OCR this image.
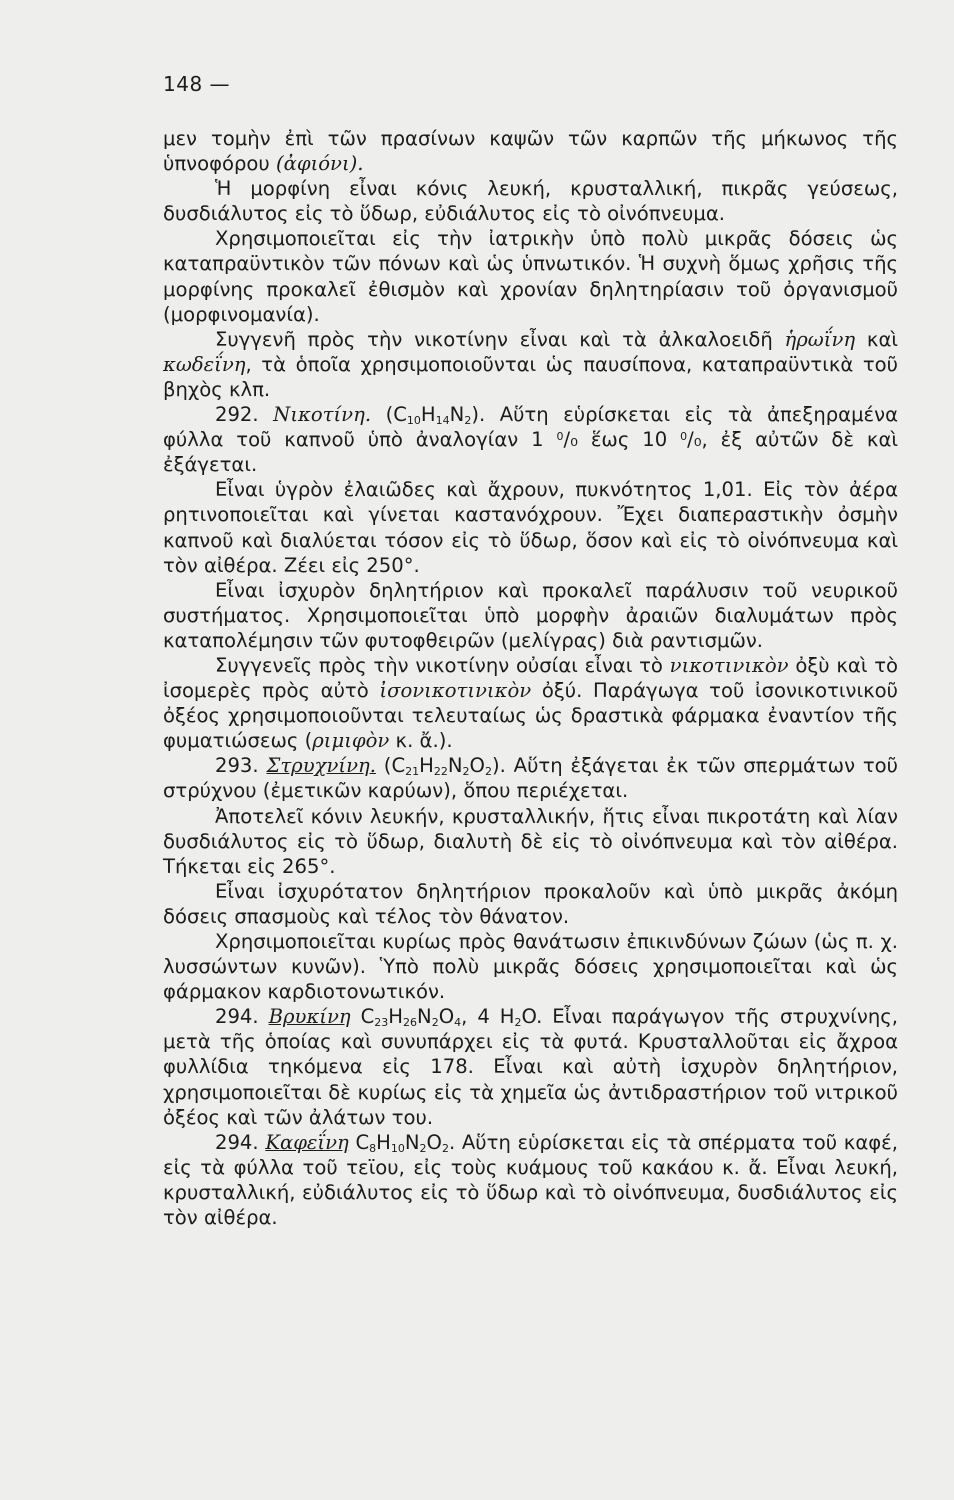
148 —

μεν τομὴν ἐπὶ τῶν πρασίνων καψῶν τῶν καρπῶν τῆς μήκωνος τῆς ὑπνοφόρου (ἀφιόνι).

Ἡ μορφίνη εἶναι κόνις λευκή, κρυσταλλική, πικρᾶς γεύσεως, δυσδιάλυτος εἰς τὸ ὕδωρ, εὐδιάλυτος εἰς τὸ οἰνόπνευμα.

Χρησιμοποιεῖται εἰς τὴν ἰατρικὴν ὑπὸ πολὺ μικρᾶς δόσεις ὡς καταπραϋντικὸν τῶν πόνων καὶ ὡς ὑπνωτικόν. Ἡ συχνὴ ὅμως χρῆσις τῆς μορφίνης προκαλεῖ ἐθισμὸν καὶ χρονίαν δηλητηρίασιν τοῦ ὀργανισμοῦ (μορφινομανία).

Συγγενῆ πρὸς τὴν νικοτίνην εἶναι καὶ τὰ ἀλκαλοειδῆ ἡρωΐνη καὶ κωδεΐνη, τὰ ὁποῖα χρησιμοποιοῦνται ὡς παυσίπονα, καταπραϋντικὰ τοῦ βηχὸς κλπ.

292. Νικοτίνη. $(C_{10}H_{14}N_2)$. Αὕτη εὑρίσκεται εἰς τὰ ἀπεξηραμένα φύλλα τοῦ καπνοῦ ὑπὸ ἀναλογίαν 1 $^0$/₀ ἕως 10 $^0$/₀, ἐξ αὐτῶν δὲ καὶ ἐξάγεται.

Εἶναι ὑγρὸν ἐλαιῶδες καὶ ἄχρουν, πυκνότητος 1,01. Εἰς τὸν ἀέρα ρητινοποιεῖται καὶ γίνεται καστανόχρουν. Ἔχει διαπεραστικὴν ὀσμὴν καπνοῦ καὶ διαλύεται τόσον εἰς τὸ ὕδωρ, ὅσον καὶ εἰς τὸ οἰνόπνευμα καὶ τὸν αἰθέρα. Ζέει εἰς 250°.

Εἶναι ἰσχυρὸν δηλητήριον καὶ προκαλεῖ παράλυσιν τοῦ νευρικοῦ συστήματος. Χρησιμοποιεῖται ὑπὸ μορφὴν ἀραιῶν διαλυμάτων πρὸς καταπολέμησιν τῶν φυτοφθειρῶν (μελίγρας) διὰ ραντισμῶν.

Συγγενεῖς πρὸς τὴν νικοτίνην οὐσίαι εἶναι τὸ νικοτινικὸν ὀξὺ καὶ τὸ ἰσομερὲς πρὸς αὐτὸ ἰσονικοτινικὸν ὀξύ. Παράγωγα τοῦ ἰσονικοτινικοῦ ὀξέος χρησιμοποιοῦνται τελευταίως ὡς δραστικὰ φάρμακα ἐναντίον τῆς φυματιώσεως (ριμιφὸν κ. ἄ.).

293. Στρυχνίνη. $(C_{21}H_{22}N_2O_2)$. Αὕτη ἐξάγεται ἐκ τῶν σπερμάτων τοῦ στρύχνου (ἐμετικῶν καρύων), ὅπου περιέχεται.

Ἀποτελεῖ κόνιν λευκήν, κρυσταλλικήν, ἥτις εἶναι πικροτάτη καὶ λίαν δυσδιάλυτος εἰς τὸ ὕδωρ, διαλυτὴ δὲ εἰς τὸ οἰνόπνευμα καὶ τὸν αἰθέρα. Τήκεται εἰς 265°.

Εἶναι ἰσχυρότατον δηλητήριον προκαλοῦν καὶ ὑπὸ μικρᾶς ἀκόμη δόσεις σπασμοὺς καὶ τέλος τὸν θάνατον.

Χρησιμοποιεῖται κυρίως πρὸς θανάτωσιν ἐπικινδύνων ζώων (ὡς π. χ. λυσσώντων κυνῶν). Ὑπὸ πολὺ μικρᾶς δόσεις χρησιμοποιεῖται καὶ ὡς φάρμακον καρδιοτονωτικόν.

294. Βρυκίνη $C_{23}H_{26}N_2O_4$, 4 $H_2O$. Εἶναι παράγωγον τῆς στρυχνίνης, μετὰ τῆς ὁποίας καὶ συνυπάρχει εἰς τὰ φυτά. Κρυσταλλοῦται εἰς ἄχροα φυλλίδια τηκόμενα εἰς 178. Εἶναι καὶ αὐτὴ ἰσχυρὸν δηλητήριον, χρησιμοποιεῖται δὲ κυρίως εἰς τὰ χημεῖα ὡς ἀντιδραστήριον τοῦ νιτρικοῦ ὀξέος καὶ τῶν ἀλάτων του.

294. Καφεΐνη $C_8H_{10}N_2O_2$. Αὕτη εὑρίσκεται εἰς τὰ σπέρματα τοῦ καφέ, εἰς τὰ φύλλα τοῦ τεϊου, εἰς τοὺς κυάμους τοῦ κακάου κ. ἄ. Εἶναι λευκή, κρυσταλλική, εὐδιάλυτος εἰς τὸ ὕδωρ καὶ τὸ οἰνόπνευμα, δυσδιάλυτος εἰς τὸν αἰθέρα.
